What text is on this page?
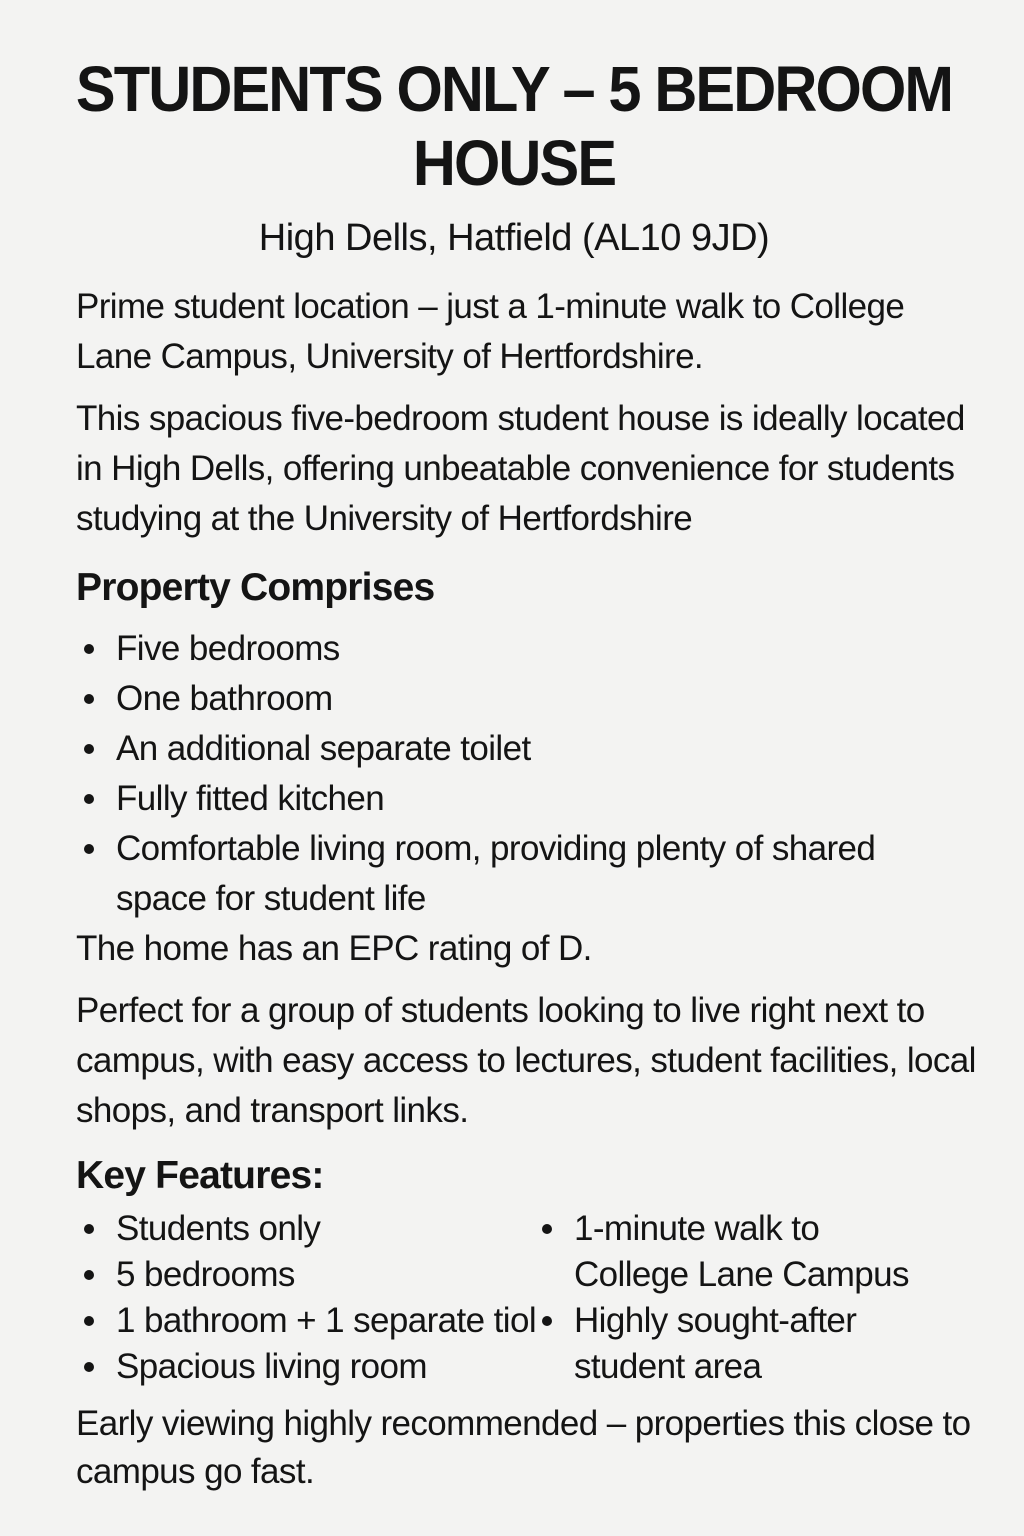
STUDENTS ONLY – 5 BEDROOM HOUSE
High Dells, Hatfield (AL10 9JD)

Prime student location – just a 1-minute walk to College Lane Campus, University of Hertfordshire.

This spacious five-bedroom student house is ideally located in High Dells, offering unbeatable convenience for students studying at the University of Hertfordshire

Property Comprises
Five bedrooms
One bathroom
An additional separate toilet
Fully fitted kitchen
Comfortable living room, providing plenty of shared space for student life

The home has an EPC rating of D.

Perfect for a group of students looking to live right next to campus, with easy access to lectures, student facilities, local shops, and transport links.

Key Features:
Students only
5 bedrooms
1 bathroom + 1 separate tiol
Spacious living room
1-minute walk to College Lane Campus
Highly sought-after student area

Early viewing highly recommended – properties this close to campus go fast.
